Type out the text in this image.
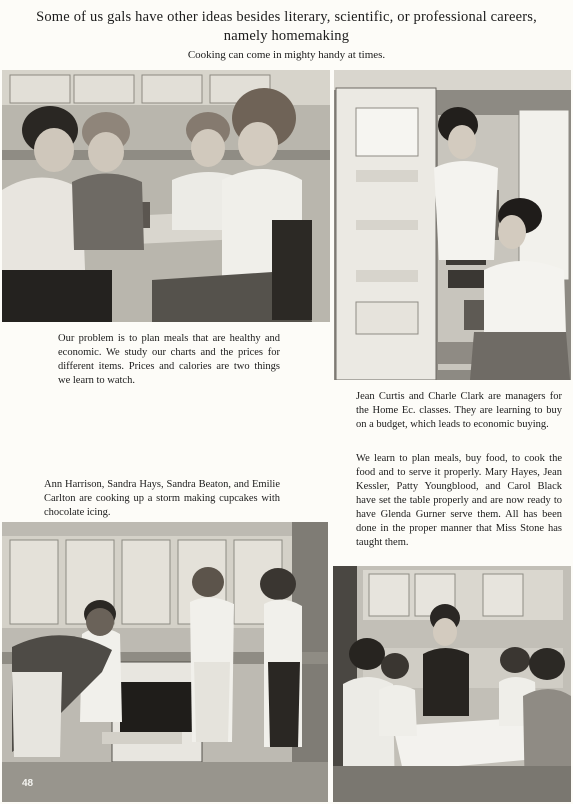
Some of us gals have other ideas besides literary, scientific, or professional careers,
namely homemaking
Cooking can come in mighty handy at times.
Our problem is to plan meals that are healthy and economic. We study our charts and the prices for different items. Prices and calories are two things we learn to watch.
Jean Curtis and Charle Clark are managers for the Home Ec. classes. They are learning to buy on a budget, which leads to economic buying.
We learn to plan meals, buy food, to cook the food and to serve it properly. Mary Hayes, Jean Kessler, Patty Youngblood, and Carol Black have set the table properly and are now ready to have Glenda Gurner serve them. All has been done in the proper manner that Miss Stone has taught them.
Ann Harrison, Sandra Hays, Sandra Beaton, and Emilie Carlton are cooking up a storm making cupcakes with chocolate icing.
48
